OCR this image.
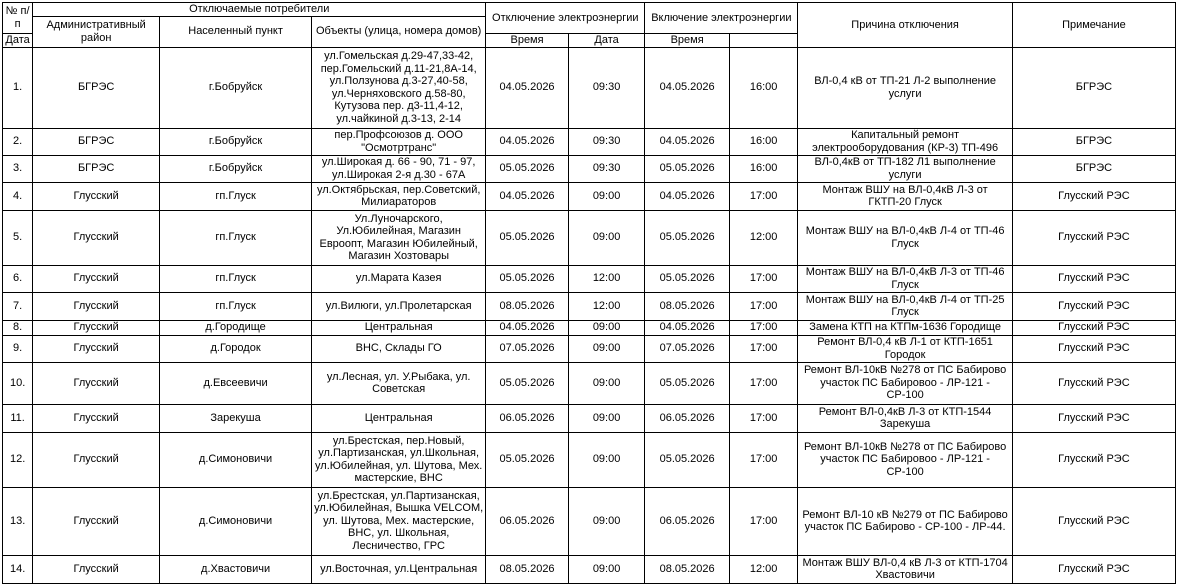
№ п/п	Отключаемые потребители			Отключение электроэнергии		Включение электроэнергии		Причина отключения	Примечание
	Административный район	Населенный пункт	Объекты (улица, номера домов)						
Дата				Время	Дата	Время			
1.	БГРЭС	г.Бобруйск	ул.Гомельская д.29-47,33-42, пер.Гомельский д.11-21,8А-14, ул.Ползунова д.3-27,40-58, ул.Черняховского д.58-80, Кутузова пер. д3-11,4-12, ул.чайкиной д.3-13, 2-14	04.05.2026	09:30	04.05.2026	16:00	ВЛ-0,4 кВ от ТП-21 Л-2 выполнение услуги	БГРЭС
2.	БГРЭС	г.Бобруйск	пер.Профсоюзов д. ООО "Осмотртранс"	04.05.2026	09:30	04.05.2026	16:00	Капитальный ремонт электрооборудования (КР-3) ТП-496	БГРЭС
3.	БГРЭС	г.Бобруйск	ул.Широкая д. 66 - 90, 71 - 97, ул.Широкая 2-я д.30 - 67А	05.05.2026	09:30	05.05.2026	16:00	ВЛ-0,4кВ от ТП-182 Л1 выполнение услуги	БГРЭС
4.	Глусский	гп.Глуск	ул.Октябрьская, пер.Советский, Милиараторов	04.05.2026	09:00	04.05.2026	17:00	Монтаж ВШУ на ВЛ-0,4кВ Л-3 от ГКТП-20 Глуск	Глусский РЭС
5.	Глусский	гп.Глуск	Ул.Луночарского, Ул.Юбилейная, Магазин Евроопт, Магазин Юбилейный, Магазин Хозтовары	05.05.2026	09:00	05.05.2026	12:00	Монтаж ВШУ на ВЛ-0,4кВ Л-4 от ТП-46 Глуск	Глусский РЭС
6.	Глусский	гп.Глуск	ул.Марата Казея	05.05.2026	12:00	05.05.2026	17:00	Монтаж ВШУ на ВЛ-0,4кВ Л-3 от ТП-46 Глуск	Глусский РЭС
7.	Глусский	гп.Глуск	ул.Вилюги, ул.Пролетарская	08.05.2026	12:00	08.05.2026	17:00	Монтаж ВШУ на ВЛ-0,4кВ Л-4 от ТП-25 Глуск	Глусский РЭС
8.	Глусский	д.Городище	Центральная	04.05.2026	09:00	04.05.2026	17:00	Замена КТП на КТПм-1636 Городище	Глусский РЭС
9.	Глусский	д.Городок	ВНС, Склады ГО	07.05.2026	09:00	07.05.2026	17:00	Ремонт ВЛ-0,4 кВ Л-1 от КТП-1651 Городок	Глусский РЭС
10.	Глусский	д.Евсеевичи	ул.Лесная, ул. У.Рыбака, ул. Советская	05.05.2026	09:00	05.05.2026	17:00	Ремонт ВЛ-10кВ №278 от ПС Бабирово участок ПС Бабировоо - ЛР-121 - СР-100	Глусский РЭС
11.	Глусский	Зарекуша	Центральная	06.05.2026	09:00	06.05.2026	17:00	Ремонт ВЛ-0,4кВ Л-3 от КТП-1544 Зарекуша	Глусский РЭС
12.	Глусский	д.Симоновичи	ул.Брестская, пер.Новый, ул.Партизанская, ул.Школьная, ул.Юбилейная, ул. Шутова, Мех. мастерские, ВНС	05.05.2026	09:00	05.05.2026	17:00	Ремонт ВЛ-10кВ №278 от ПС Бабирово участок ПС Бабировоо - ЛР-121 - СР-100	Глусский РЭС
13.	Глусский	д.Симоновичи	ул.Брестская, ул.Партизанская, ул.Юбилейная, Вышка VELCOM, ул. Шутова, Мех. мастерские, ВНС, ул. Школьная, Лесничество, ГРС	06.05.2026	09:00	06.05.2026	17:00	Ремонт ВЛ-10 кВ №279 от ПС Бабирово участок ПС Бабирово - СР-100 - ЛР-44.	Глусский РЭС
14.	Глусский	д.Хвастовичи	ул.Восточная, ул.Центральная	08.05.2026	09:00	08.05.2026	12:00	Монтаж ВШУ ВЛ-0,4 кВ Л-3 от КТП-1704 Хвастовичи	Глусский РЭС
